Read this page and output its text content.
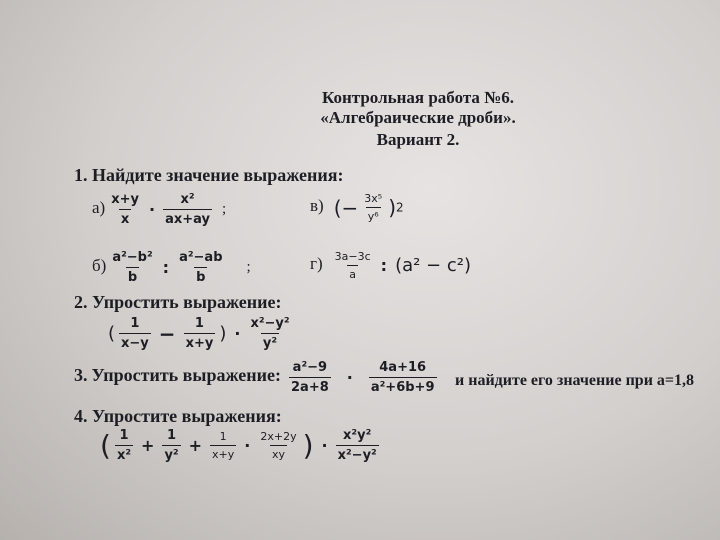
Контрольная работа №6.
«Алгебраические дроби».
Вариант 2.
1. Найдите значение выражения:
$а) \frac{x+y}{x} \cdot \frac{\text{x²}}{ax+ay}$ ;	в) (− $\frac{\text{3x⁵}}{\text{y⁶}} )2$
$б) \frac{\text{a²−b²}}{b}$ : $\frac{\text{a²−ab}}{b}$ ;	$г) \frac{3a-3c}{a}$ : (a² − c²)
2. Упростить выражение:
( $\frac{1}{x-y} - \frac{1}{x+y}$ ) · $\frac{\text{x²−y²}}{\text{y²}}$
3. Упростить выражение: $\frac{\text{a²−9}}{2a+8} \cdot \frac{4a+16}{\text{a²+6b+9}}$ и найдите его значение при a=1,8
4. Упростите выражения:
( $\frac{1}{\text{x²}} + \frac{1}{\text{y²}} + \frac{1}{x+y} \cdot \frac{2x+2y}{xy}$ ) · $\frac{\text{x²y²}}{\text{x²−y²}}$
